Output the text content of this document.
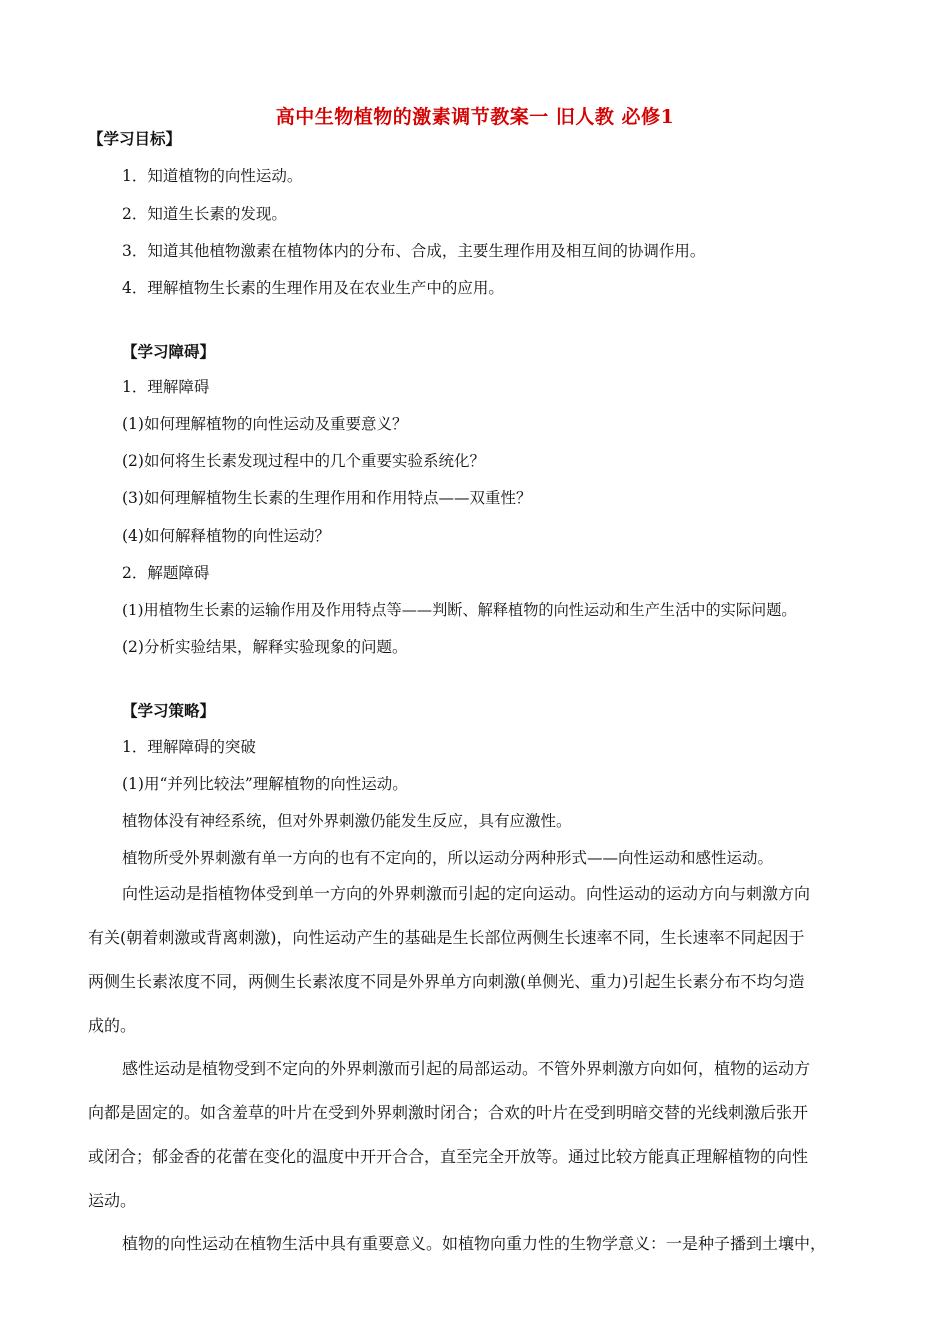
高中生物植物的激素调节教案一 旧人教 必修1
【学习目标】
1．知道植物的向性运动。
2．知道生长素的发现。
3．知道其他植物激素在植物体内的分布、合成，主要生理作用及相互间的协调作用。
4．理解植物生长素的生理作用及在农业生产中的应用。
【学习障碍】
1．理解障碍
(1)如何理解植物的向性运动及重要意义？
(2)如何将生长素发现过程中的几个重要实验系统化？
(3)如何理解植物生长素的生理作用和作用特点——双重性？
(4)如何解释植物的向性运动？
2．解题障碍
(1)用植物生长素的运输作用及作用特点等——判断、解释植物的向性运动和生产生活中的实际问题。
(2)分析实验结果，解释实验现象的问题。
【学习策略】
1．理解障碍的突破
(1)用“并列比较法”理解植物的向性运动。
植物体没有神经系统，但对外界刺激仍能发生反应，具有应激性。
植物所受外界刺激有单一方向的也有不定向的，所以运动分两种形式——向性运动和感性运动。
向性运动是指植物体受到单一方向的外界刺激而引起的定向运动。向性运动的运动方向与刺激方向
有关(朝着刺激或背离刺激)，向性运动产生的基础是生长部位两侧生长速率不同，生长速率不同起因于
两侧生长素浓度不同，两侧生长素浓度不同是外界单方向刺激(单侧光、重力)引起生长素分布不均匀造
成的。
感性运动是植物受到不定向的外界刺激而引起的局部运动。不管外界刺激方向如何，植物的运动方
向都是固定的。如含羞草的叶片在受到外界刺激时闭合；合欢的叶片在受到明暗交替的光线刺激后张开
或闭合；郁金香的花蕾在变化的温度中开开合合，直至完全开放等。通过比较方能真正理解植物的向性
运动。
植物的向性运动在植物生活中具有重要意义。如植物向重力性的生物学意义：一是种子播到土壤中，
